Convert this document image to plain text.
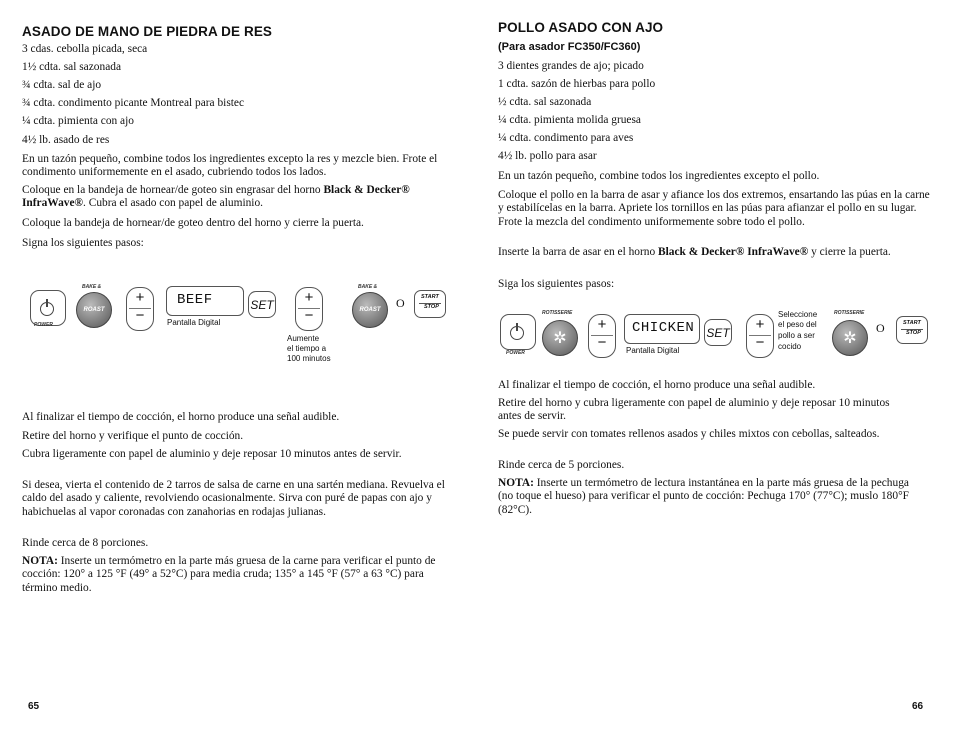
ASADO DE MANO DE PIEDRA DE RES

3 cdas. cebolla picada, seca

1½ cdta. sal sazonada

¾ cdta. sal de ajo

¾ cdta. condimento picante Montreal para bistec

¼ cdta. pimienta con ajo

4½ lb. asado de res

En un tazón pequeño, combine todos los ingredientes excepto la res y mezcle bien. Frote el condimento uniformemente en el asado, cubriendo todos los lados.

Coloque en la bandeja de hornear/de goteo sin engrasar del horno Black & Decker® InfraWave®. Cubra el asado con papel de aluminio.

Coloque la bandeja de hornear/de goteo dentro del horno y cierre la puerta.

Signa los siguientes pasos:

POWER
BAKE &
ROAST
+
−
BEEF
Pantalla Digital
SET	+
−
Aumente
el tiempo a
100 minutos
BAKE &
ROAST	O	START
STOP

Al finalizar el tiempo de cocción, el horno produce una señal audible.

Retire del horno y verifique el punto de cocción.

Cubra ligeramente con papel de aluminio y deje reposar 10 minutos antes de servir.

Si desea, vierta el contenido de 2 tarros de salsa de carne en una sartén mediana. Revuelva el caldo del asado y caliente, revolviendo ocasionalmente. Sirva con puré de papas con ajo y habichuelas al vapor coronadas con zanahorias en rodajas julianas.

Rinde cerca de 8 porciones.

NOTA: Inserte un termómetro en la parte más gruesa de la carne para verificar el punto de cocción: 120° a 125 °F (49° a 52°C) para media cruda; 135° a 145 °F (57° a 63 °C) para término medio.

65
POLLO ASADO CON AJO

(Para asador FC350/FC360)

3 dientes grandes de ajo; picado

1 cdta. sazón de hierbas para pollo

½ cdta. sal sazonada

¼ cdta. pimienta molida gruesa

¼ cdta. condimento para aves

4½ lb. pollo para asar

En un tazón pequeño, combine todos los ingredientes excepto el pollo.

Coloque el pollo en la barra de asar y afiance los dos extremos, ensartando las púas en la carne y estabilícelas en la barra. Apriete los tornillos en las púas para afianzar el pollo en su lugar. Frote la mezcla del condimento uniformemente sobre todo el pollo.

Inserte la barra de asar en el horno Black & Decker® InfraWave® y cierre la puerta.

Siga los siguientes pasos:

POWER
ROTISSERIE
✲
+
−
CHICKEN
Pantalla Digital
SET	+
−
Seleccione
el peso del
pollo a ser
cocido
ROTISSERIE
✲
O	START
STOP

Al finalizar el tiempo de cocción, el horno produce una señal audible.

Retire del horno y cubra ligeramente con papel de aluminio y deje reposar 10 minutos antes de servir.

Se puede servir con tomates rellenos asados y chiles mixtos con cebollas, salteados.

Rinde cerca de 5 porciones.

NOTA: Inserte un termómetro de lectura instantánea en la parte más gruesa de la pechuga (no toque el hueso) para verificar el punto de cocción: Pechuga 170° (77°C); muslo 180°F (82°C).

66
